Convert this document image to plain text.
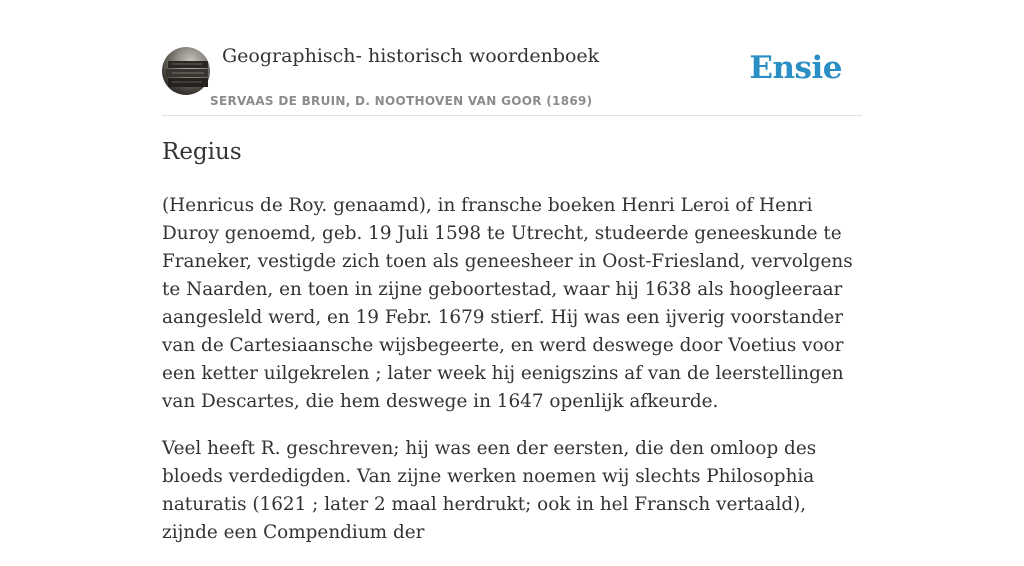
Geographisch- historisch woordenboek
SERVAAS DE BRUIN, D. NOOTHOVEN VAN GOOR (1869)
Ensie
Regius

(Henricus de Roy. genaamd), in fransche boeken Henri Leroi of Henri Duroy genoemd, geb. 19 Juli 1598 te Utrecht, studeerde geneeskunde te Franeker, vestigde zich toen als geneesheer in Oost-Friesland, vervolgens te Naarden, en toen in zijne geboortestad, waar hij 1638 als hoogleeraar aangesleld werd, en 19 Febr. 1679 stierf. Hij was een ijverig voorstander van de Cartesiaansche wijsbegeerte, en werd deswege door Voetius voor een ketter uilgekrelen ; later week hij eenigszins af van de leerstellingen van Descartes, die hem deswege in 1647 openlijk afkeurde.

Veel heeft R. geschreven; hij was een der eersten, die den omloop des bloeds verdedigden. Van zijne werken noemen wij slechts Philosophia naturatis (1621 ; later 2 maal herdrukt; ook in hel Fransch vertaald), zijnde een Compendium der
